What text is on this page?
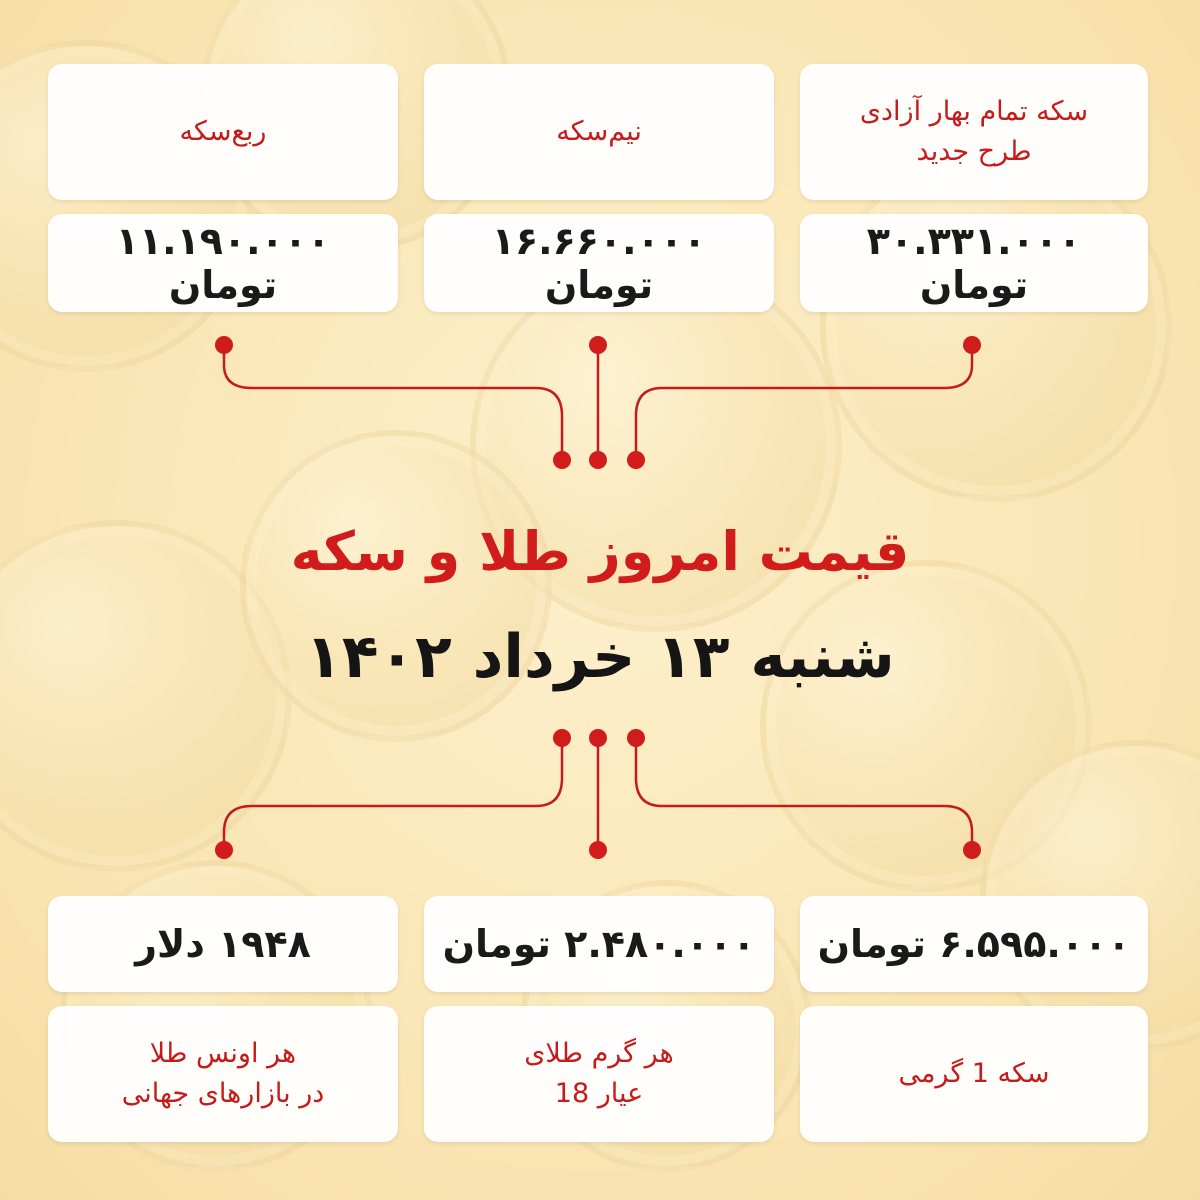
سکه تمام بهار آزادی
طرح جدید
نیم‌سکه
ربع‌سکه
۳۰.۳۳۱.۰۰۰ تومان
۱۶.۶۶۰.۰۰۰ تومان
۱۱.۱۹۰.۰۰۰ تومان
قیمت امروز طلا و سکه
شنبه ۱۳ خرداد ۱۴۰۲
۶.۵۹۵.۰۰۰ تومان
۲.۴۸۰.۰۰۰ تومان
۱۹۴۸ دلار
سکه 1 گرمی
هر گرم طلای
عیار 18
هر اونس طلا
در بازارهای جهانی
